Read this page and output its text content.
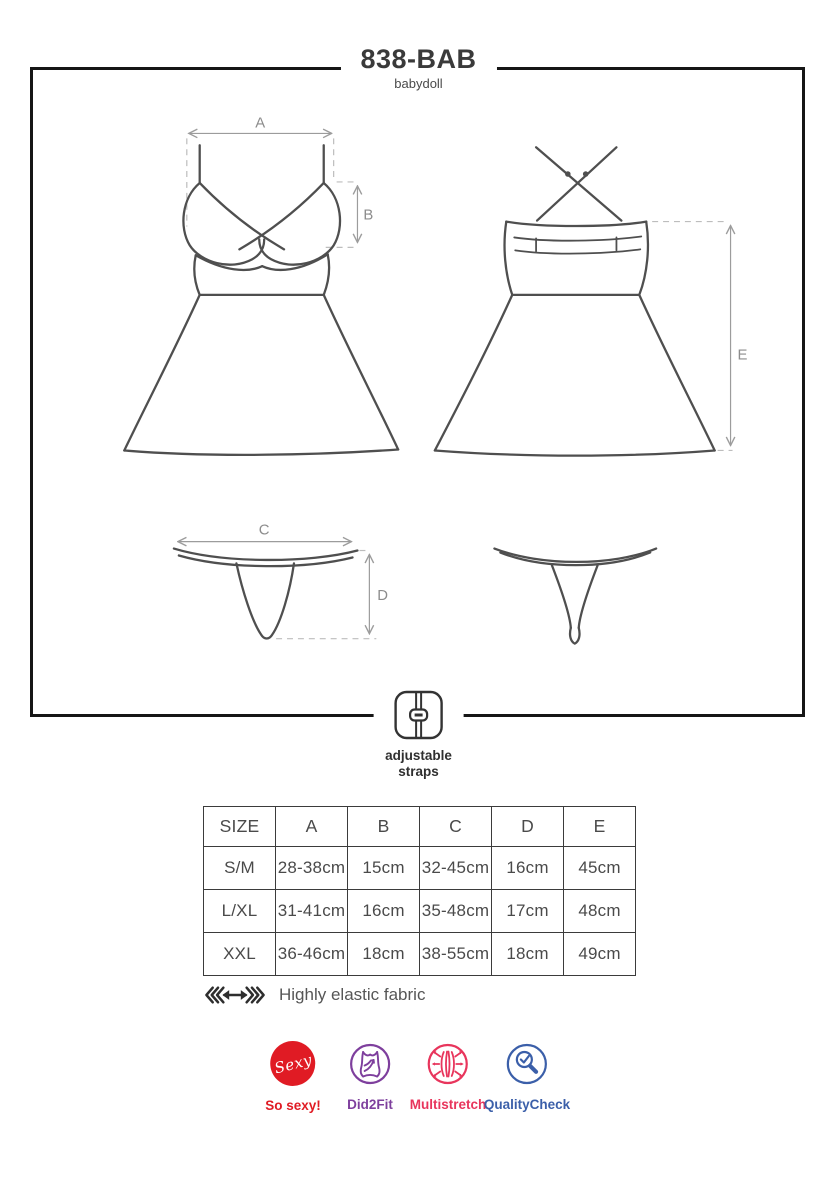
838-BAB
babydoll
A
B
C
D
E
adjustable
straps
SIZE	A	B	C	D	E
S/M	28-38cm	15cm	32-45cm	16cm	45cm
L/XL	31-41cm	16cm	35-48cm	17cm	48cm
XXL	36-46cm	18cm	38-55cm	18cm	49cm
Highly elastic fabric
Sexy
So sexy! Did2Fit Multistretch
QualityCheck
